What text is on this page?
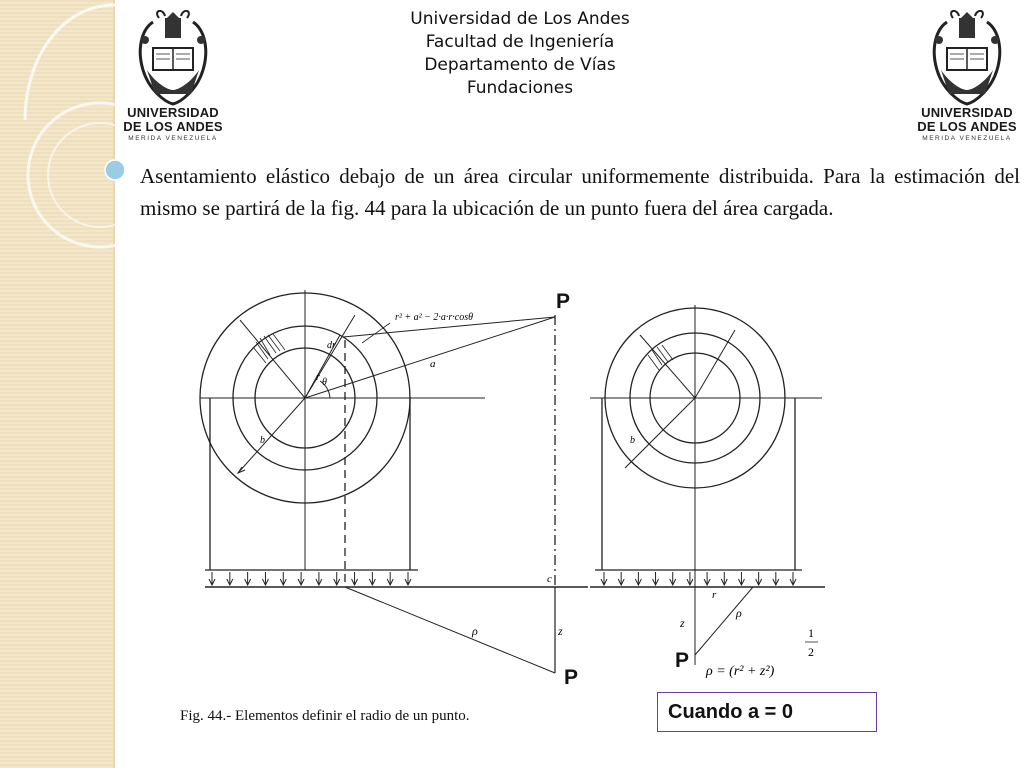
UNIVERSIDAD
DE LOS ANDES
MERIDA VENEZUELA
UNIVERSIDAD
DE LOS ANDES
MERIDA VENEZUELA
Universidad de Los Andes
Facultad de Ingeniería
Departamento de Vías
Fundaciones
Asentamiento elástico debajo de un área circular uniformemente distribuida. Para la estimación del mismo se partirá de la fig. 44 para la ubicación de un punto fuera del área cargada.
r² + a² − 2·a·r·cosθ
dr
r θ
a
b
c
z
ρ
b
r
z
ρ
ρ = (r² + z²)
1
2
P
P
P
Fig. 44.- Elementos definir el radio de un punto.	Cuando a = 0
